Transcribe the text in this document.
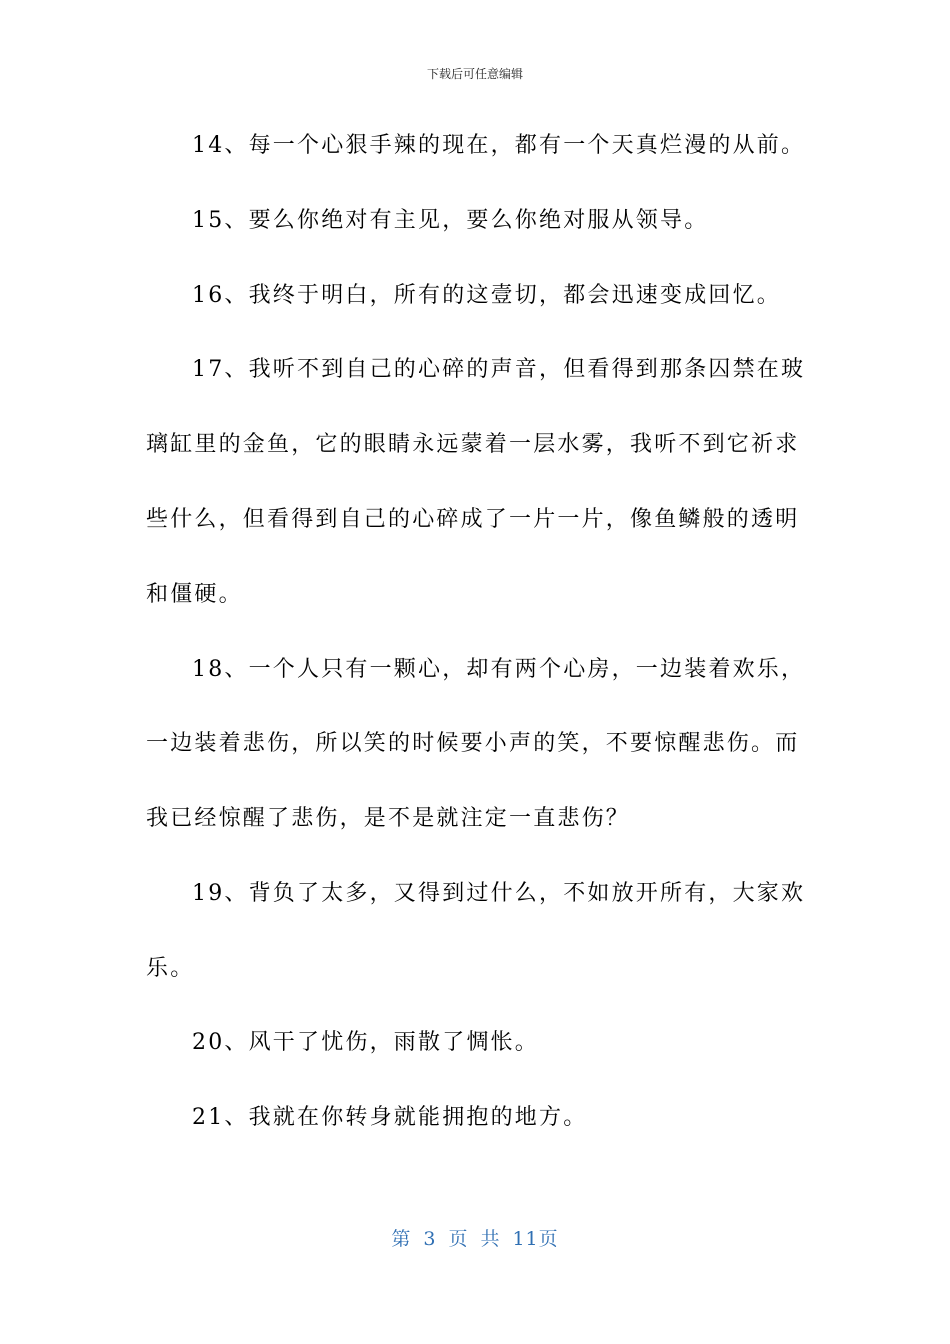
下载后可任意编辑
14、每一个心狠手辣的现在，都有一个天真烂漫的从前。
15、要么你绝对有主见，要么你绝对服从领导。
16、我终于明白，所有的这壹切，都会迅速变成回忆。
17、我听不到自己的心碎的声音，但看得到那条囚禁在玻
璃缸里的金鱼，它的眼睛永远蒙着一层水雾，我听不到它祈求
些什么，但看得到自己的心碎成了一片一片，像鱼鳞般的透明
和僵硬。
18、一个人只有一颗心，却有两个心房，一边装着欢乐，
一边装着悲伤，所以笑的时候要小声的笑，不要惊醒悲伤。而
我已经惊醒了悲伤，是不是就注定一直悲伤？
19、背负了太多，又得到过什么，不如放开所有，大家欢
乐。
20、风干了忧伤，雨散了惆怅。
21、我就在你转身就能拥抱的地方。
第 3 页 共 11页
